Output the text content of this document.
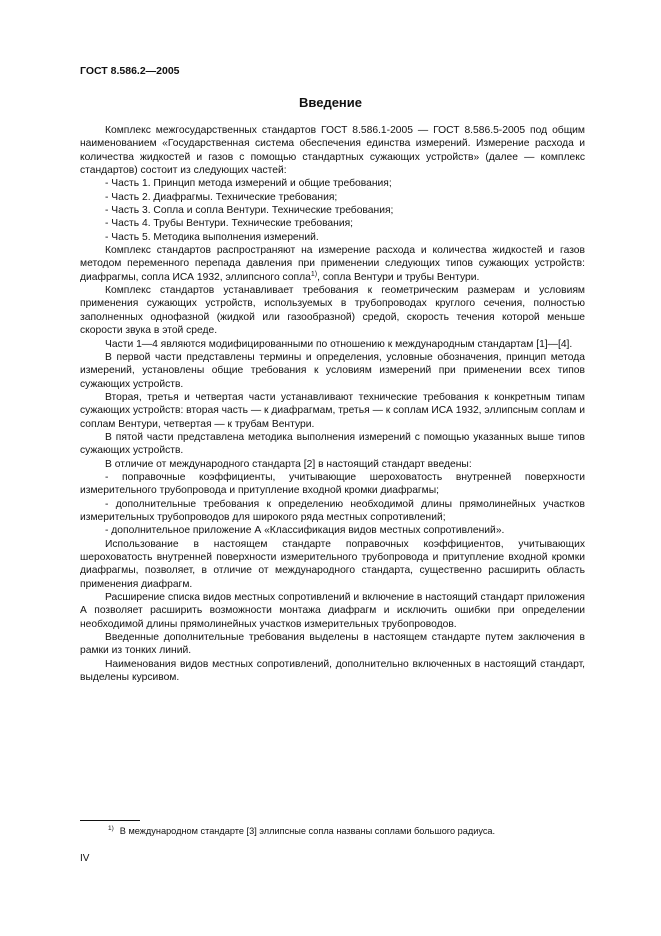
ГОСТ 8.586.2—2005
Введение

Комплекс межгосударственных стандартов ГОСТ 8.586.1-2005 — ГОСТ 8.586.5-2005 под общим наименованием «Государственная система обеспечения единства измерений. Измерение расхода и количества жидкостей и газов с помощью стандартных сужающих устройств» (далее — комплекс стандартов) состоит из следующих частей:

- Часть 1. Принцип метода измерений и общие требования;

- Часть 2. Диафрагмы. Технические требования;

- Часть 3. Сопла и сопла Вентури. Технические требования;

- Часть 4. Трубы Вентури. Технические требования;

- Часть 5. Методика выполнения измерений.

Комплекс стандартов распространяют на измерение расхода и количества жидкостей и газов методом переменного перепада давления при применении следующих типов сужающих устройств: диафрагмы, сопла ИСА 1932, эллипсного сопла$^{1)}$, сопла Вентури и трубы Вентури.

Комплекс стандартов устанавливает требования к геометрическим размерам и условиям применения сужающих устройств, используемых в трубопроводах круглого сечения, полностью заполненных однофазной (жидкой или газообразной) средой, скорость течения которой меньше скорости звука в этой среде.

Части 1—4 являются модифицированными по отношению к международным стандартам [1]—[4].

В первой части представлены термины и определения, условные обозначения, принцип метода измерений, установлены общие требования к условиям измерений при применении всех типов сужающих устройств.

Вторая, третья и четвертая части устанавливают технические требования к конкретным типам сужающих устройств: вторая часть — к диафрагмам, третья — к соплам ИСА 1932, эллипсным соплам и соплам Вентури, четвертая — к трубам Вентури.

В пятой части представлена методика выполнения измерений с помощью указанных выше типов сужающих устройств.

В отличие от международного стандарта [2] в настоящий стандарт введены:

- поправочные коэффициенты, учитывающие шероховатость внутренней поверхности измерительного трубопровода и притупление входной кромки диафрагмы;

- дополнительные требования к определению необходимой длины прямолинейных участков измерительных трубопроводов для широкого ряда местных сопротивлений;

- дополнительное приложение А «Классификация видов местных сопротивлений».

Использование в настоящем стандарте поправочных коэффициентов, учитывающих шероховатость внутренней поверхности измерительного трубопровода и притупление входной кромки диафрагмы, позволяет, в отличие от международного стандарта, существенно расширить область применения диафрагм.

Расширение списка видов местных сопротивлений и включение в настоящий стандарт приложения А позволяет расширить возможности монтажа диафрагм и исключить ошибки при определении необходимой длины прямолинейных участков измерительных трубопроводов.

Введенные дополнительные требования выделены в настоящем стандарте путем заключения в рамки из тонких линий.

Наименования видов местных сопротивлений, дополнительно включенных в настоящий стандарт, выделены курсивом.

$^{1)}$ В международном стандарте [3] эллипсные сопла названы соплами большого радиуса.
IV
